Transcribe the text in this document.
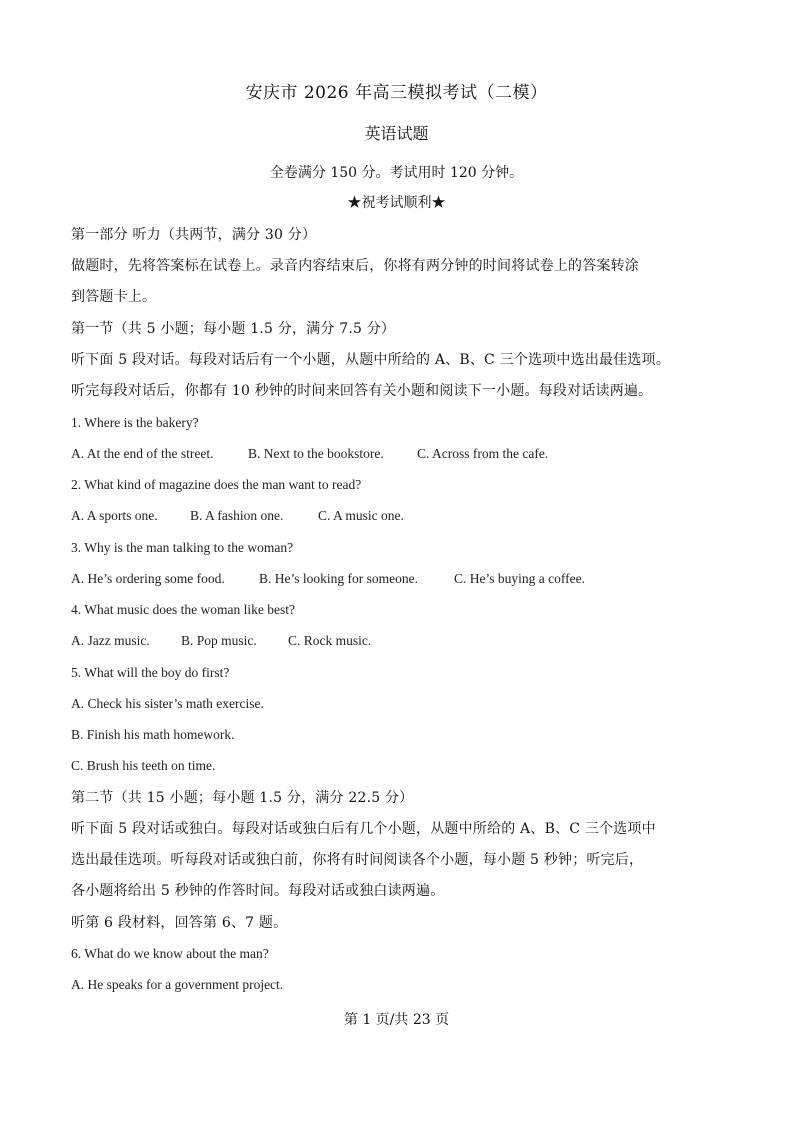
安庆市 2026 年高三模拟考试（二模）
英语试题
全卷满分 150 分。考试用时 120 分钟。
★祝考试顺利★
第一部分 听力（共两节，满分 30 分）
做题时，先将答案标在试卷上。录音内容结束后，你将有两分钟的时间将试卷上的答案转涂
到答题卡上。
第一节（共 5 小题；每小题 1.5 分，满分 7.5 分）
听下面 5 段对话。每段对话后有一个小题，从题中所给的 A、B、C 三个选项中选出最佳选项。
听完每段对话后，你都有 10 秒钟的时间来回答有关小题和阅读下一小题。每段对话读两遍。
1. Where is the bakery?
A. At the end of the street.	B. Next to the bookstore. C. Across from the cafe.
2. What kind of magazine does the man want to read?
A. A sports one. B. A fashion one.	C. A music one.
3. Why is the man talking to the woman?
A. He’s ordering some food.	B. He’s looking for someone.	C. He’s buying a coffee.
4. What music does the woman like best?
A. Jazz music. B. Pop music. C. Rock music.
5. What will the boy do first?
A. Check his sister’s math exercise.
B. Finish his math homework.
C. Brush his teeth on time.
第二节（共 15 小题；每小题 1.5 分，满分 22.5 分）
听下面 5 段对话或独白。每段对话或独白后有几个小题，从题中所给的 A、B、C 三个选项中
选出最佳选项。听每段对话或独白前，你将有时间阅读各个小题，每小题 5 秒钟；听完后，
各小题将给出 5 秒钟的作答时间。每段对话或独白读两遍。
听第 6 段材料，回答第 6、7 题。
6. What do we know about the man?
A. He speaks for a government project.
第 1 页/共 23 页
